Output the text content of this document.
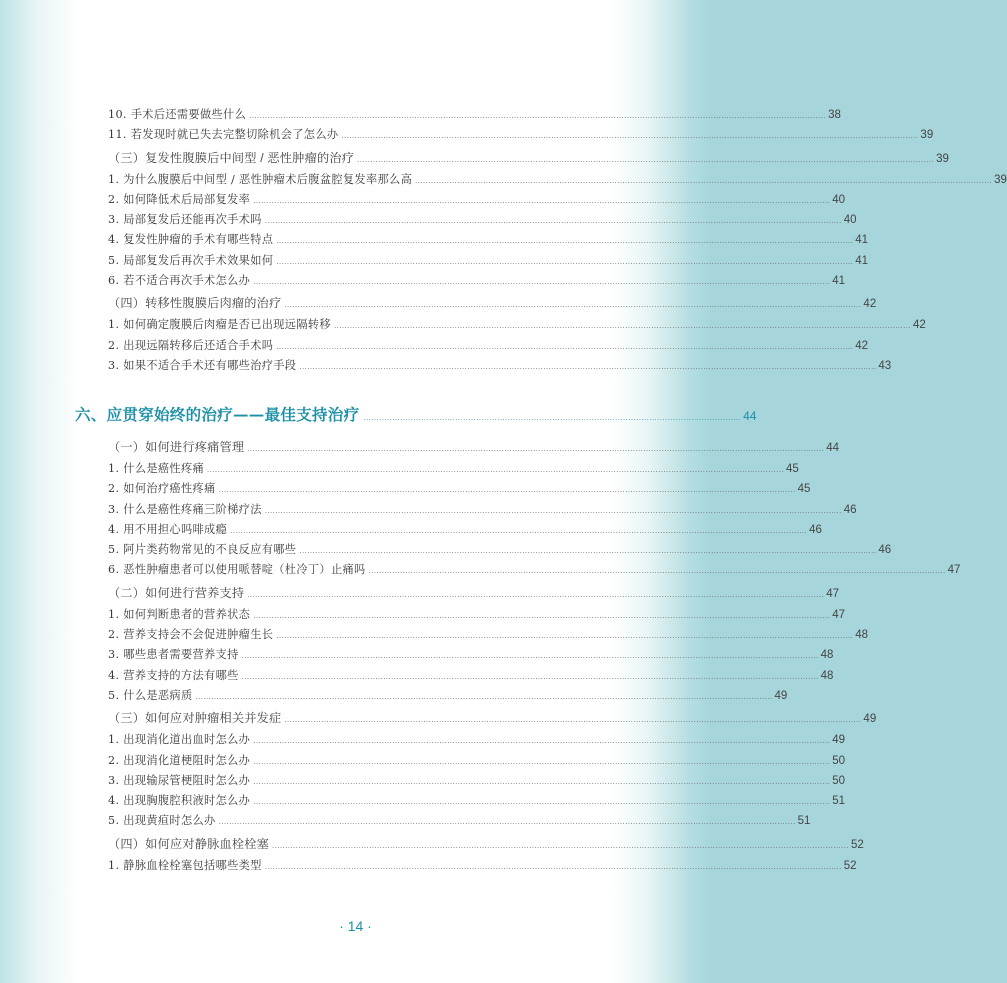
10. 手术后还需要做些什么 ............................................................................................................................................................................................................................ 38
11. 若发现时就已失去完整切除机会了怎么办 ............................................................................................................................................................................................................................ 39
（三）复发性腹膜后中间型 / 恶性肿瘤的治疗 ............................................................................................................................................................................................................................ 39
1. 为什么腹膜后中间型 / 恶性肿瘤术后腹盆腔复发率那么高 ............................................................................................................................................................................................................................ 39
2. 如何降低术后局部复发率 ............................................................................................................................................................................................................................ 40
3. 局部复发后还能再次手术吗 ............................................................................................................................................................................................................................ 40
4. 复发性肿瘤的手术有哪些特点 ............................................................................................................................................................................................................................ 41
5. 局部复发后再次手术效果如何 ............................................................................................................................................................................................................................ 41
6. 若不适合再次手术怎么办 ............................................................................................................................................................................................................................ 41
（四）转移性腹膜后肉瘤的治疗 ............................................................................................................................................................................................................................ 42
1. 如何确定腹膜后肉瘤是否已出现远隔转移 ............................................................................................................................................................................................................................ 42
2. 出现远隔转移后还适合手术吗 ............................................................................................................................................................................................................................ 42
3. 如果不适合手术还有哪些治疗手段 ............................................................................................................................................................................................................................ 43
六、应贯穿始终的治疗——最佳支持治疗 ................................................................................................................................................ 44
（一）如何进行疼痛管理 ............................................................................................................................................................................................................................ 44
1. 什么是癌性疼痛 ............................................................................................................................................................................................................................ 45
2. 如何治疗癌性疼痛 ............................................................................................................................................................................................................................ 45
3. 什么是癌性疼痛三阶梯疗法 ............................................................................................................................................................................................................................ 46
4. 用不用担心吗啡成瘾 ............................................................................................................................................................................................................................ 46
5. 阿片类药物常见的不良反应有哪些 ............................................................................................................................................................................................................................ 46
6. 恶性肿瘤患者可以使用哌替啶（杜冷丁）止痛吗 ............................................................................................................................................................................................................................ 47
（二）如何进行营养支持 ............................................................................................................................................................................................................................ 47
1. 如何判断患者的营养状态 ............................................................................................................................................................................................................................ 47
2. 营养支持会不会促进肿瘤生长 ............................................................................................................................................................................................................................ 48
3. 哪些患者需要营养支持 ............................................................................................................................................................................................................................ 48
4. 营养支持的方法有哪些 ............................................................................................................................................................................................................................ 48
5. 什么是恶病质 ............................................................................................................................................................................................................................ 49
（三）如何应对肿瘤相关并发症 ............................................................................................................................................................................................................................ 49
1. 出现消化道出血时怎么办 ............................................................................................................................................................................................................................ 49
2. 出现消化道梗阻时怎么办 ............................................................................................................................................................................................................................ 50
3. 出现输尿管梗阻时怎么办 ............................................................................................................................................................................................................................ 50
4. 出现胸腹腔积液时怎么办 ............................................................................................................................................................................................................................ 51
5. 出现黄疸时怎么办 ............................................................................................................................................................................................................................ 51
（四）如何应对静脉血栓栓塞 ............................................................................................................................................................................................................................ 52
1. 静脉血栓栓塞包括哪些类型 ............................................................................................................................................................................................................................ 52
· 14 ·
